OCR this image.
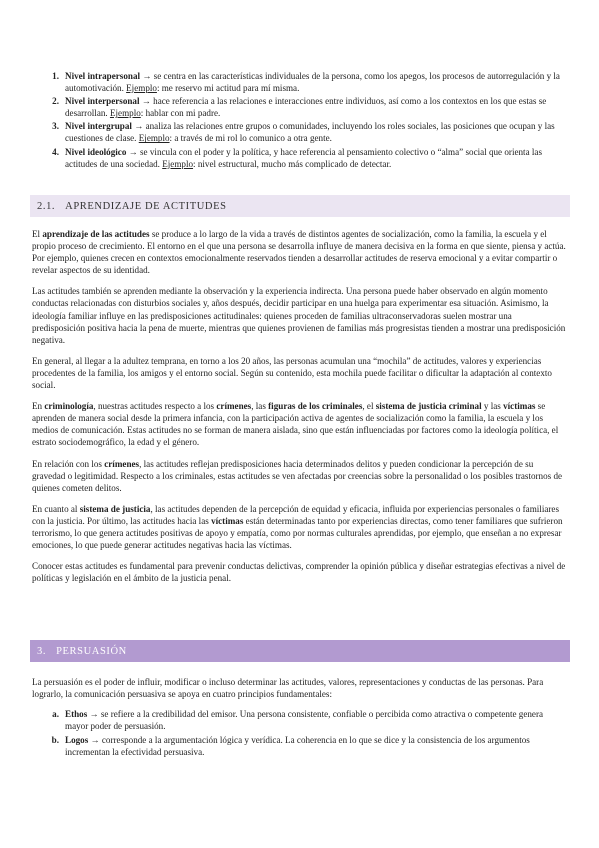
1. Nivel intrapersonal → se centra en las características individuales de la persona, como los apegos, los procesos de autorregulación y la automotivación. Ejemplo: me reservo mi actitud para mí misma.
2. Nivel interpersonal → hace referencia a las relaciones e interacciones entre individuos, así como a los contextos en los que estas se desarrollan. Ejemplo: hablar con mi padre.
3. Nivel intergrupal → analiza las relaciones entre grupos o comunidades, incluyendo los roles sociales, las posiciones que ocupan y las cuestiones de clase. Ejemplo: a través de mi rol lo comunico a otra gente.
4. Nivel ideológico → se vincula con el poder y la política, y hace referencia al pensamiento colectivo o “alma” social que orienta las actitudes de una sociedad. Ejemplo: nivel estructural, mucho más complicado de detectar.
2.1. APRENDIZAJE DE ACTITUDES

El aprendizaje de las actitudes se produce a lo largo de la vida a través de distintos agentes de socialización, como la familia, la escuela y el propio proceso de crecimiento. El entorno en el que una persona se desarrolla influye de manera decisiva en la forma en que siente, piensa y actúa. Por ejemplo, quienes crecen en contextos emocionalmente reservados tienden a desarrollar actitudes de reserva emocional y a evitar compartir o revelar aspectos de su identidad.

Las actitudes también se aprenden mediante la observación y la experiencia indirecta. Una persona puede haber observado en algún momento conductas relacionadas con disturbios sociales y, años después, decidir participar en una huelga para experimentar esa situación. Asimismo, la ideología familiar influye en las predisposiciones actitudinales: quienes proceden de familias ultraconservadoras suelen mostrar una predisposición positiva hacia la pena de muerte, mientras que quienes provienen de familias más progresistas tienden a mostrar una predisposición negativa.

En general, al llegar a la adultez temprana, en torno a los 20 años, las personas acumulan una “mochila” de actitudes, valores y experiencias procedentes de la familia, los amigos y el entorno social. Según su contenido, esta mochila puede facilitar o dificultar la adaptación al contexto social.

En criminología, nuestras actitudes respecto a los crímenes, las figuras de los criminales, el sistema de justicia criminal y las víctimas se aprenden de manera social desde la primera infancia, con la participación activa de agentes de socialización como la familia, la escuela y los medios de comunicación. Estas actitudes no se forman de manera aislada, sino que están influenciadas por factores como la ideología política, el estrato sociodemográfico, la edad y el género.

En relación con los crímenes, las actitudes reflejan predisposiciones hacia determinados delitos y pueden condicionar la percepción de su gravedad o legitimidad. Respecto a los criminales, estas actitudes se ven afectadas por creencias sobre la personalidad o los posibles trastornos de quienes cometen delitos.

En cuanto al sistema de justicia, las actitudes dependen de la percepción de equidad y eficacia, influida por experiencias personales o familiares con la justicia. Por último, las actitudes hacia las víctimas están determinadas tanto por experiencias directas, como tener familiares que sufrieron terrorismo, lo que genera actitudes positivas de apoyo y empatía, como por normas culturales aprendidas, por ejemplo, que enseñan a no expresar emociones, lo que puede generar actitudes negativas hacia las víctimas.

Conocer estas actitudes es fundamental para prevenir conductas delictivas, comprender la opinión pública y diseñar estrategias efectivas a nivel de políticas y legislación en el ámbito de la justicia penal.

3. PERSUASIÓN

La persuasión es el poder de influir, modificar o incluso determinar las actitudes, valores, representaciones y conductas de las personas. Para lograrlo, la comunicación persuasiva se apoya en cuatro principios fundamentales:

a. Ethos → se refiere a la credibilidad del emisor. Una persona consistente, confiable o percibida como atractiva o competente genera mayor poder de persuasión.
b. Logos → corresponde a la argumentación lógica y verídica. La coherencia en lo que se dice y la consistencia de los argumentos incrementan la efectividad persuasiva.
